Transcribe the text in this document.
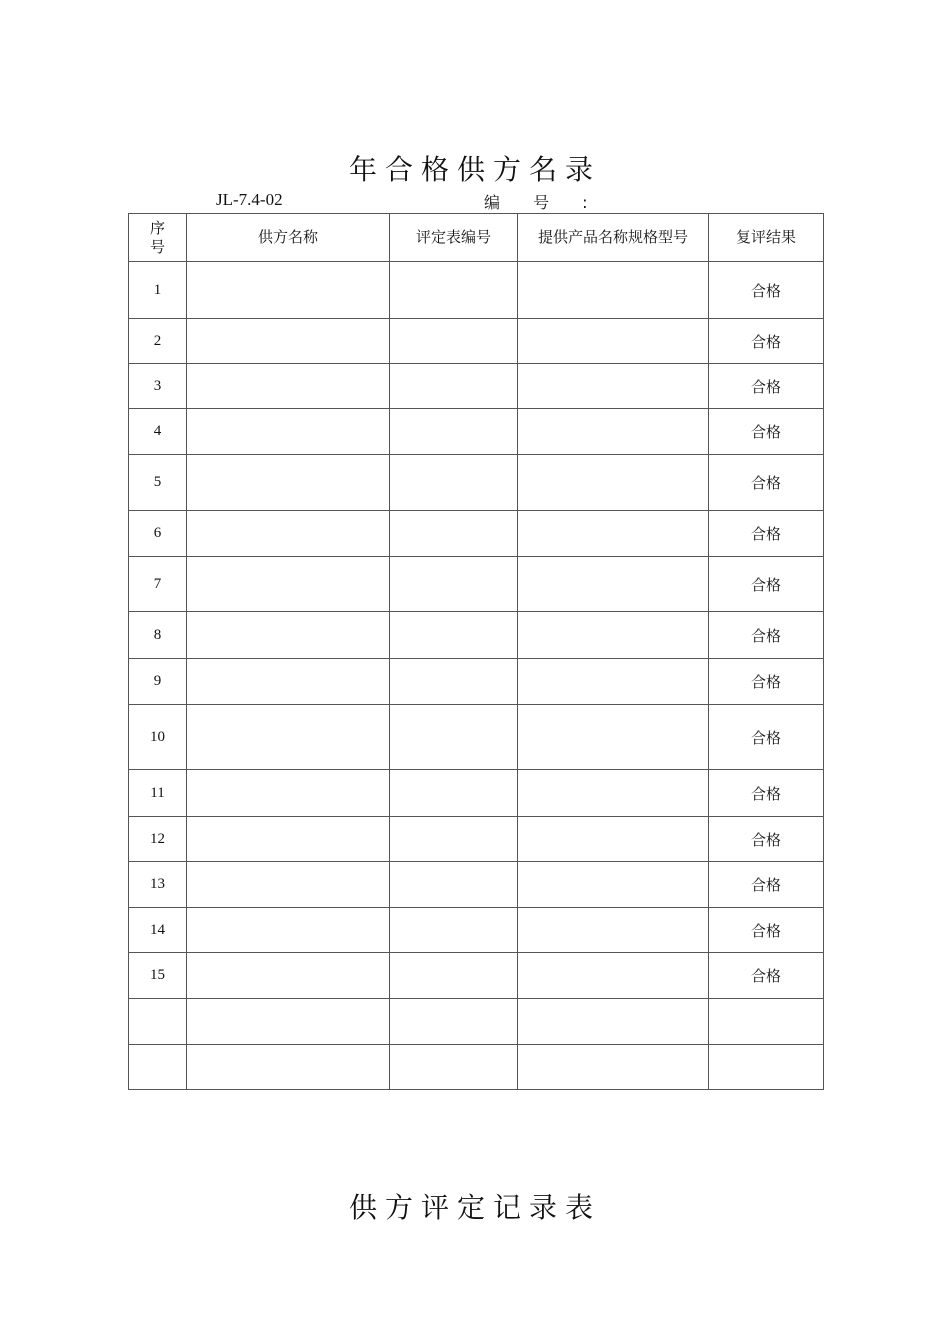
年合格供方名录
JL-7.4-02	编 号 :
序号	供方名称	评定表编号	提供产品名称规格型号	复评结果
1				合格
2				合格
3				合格
4				合格
5				合格
6				合格
7				合格
8				合格
9				合格
10				合格
11				合格
12				合格
13				合格
14				合格
15				合格

供方评定记录表
